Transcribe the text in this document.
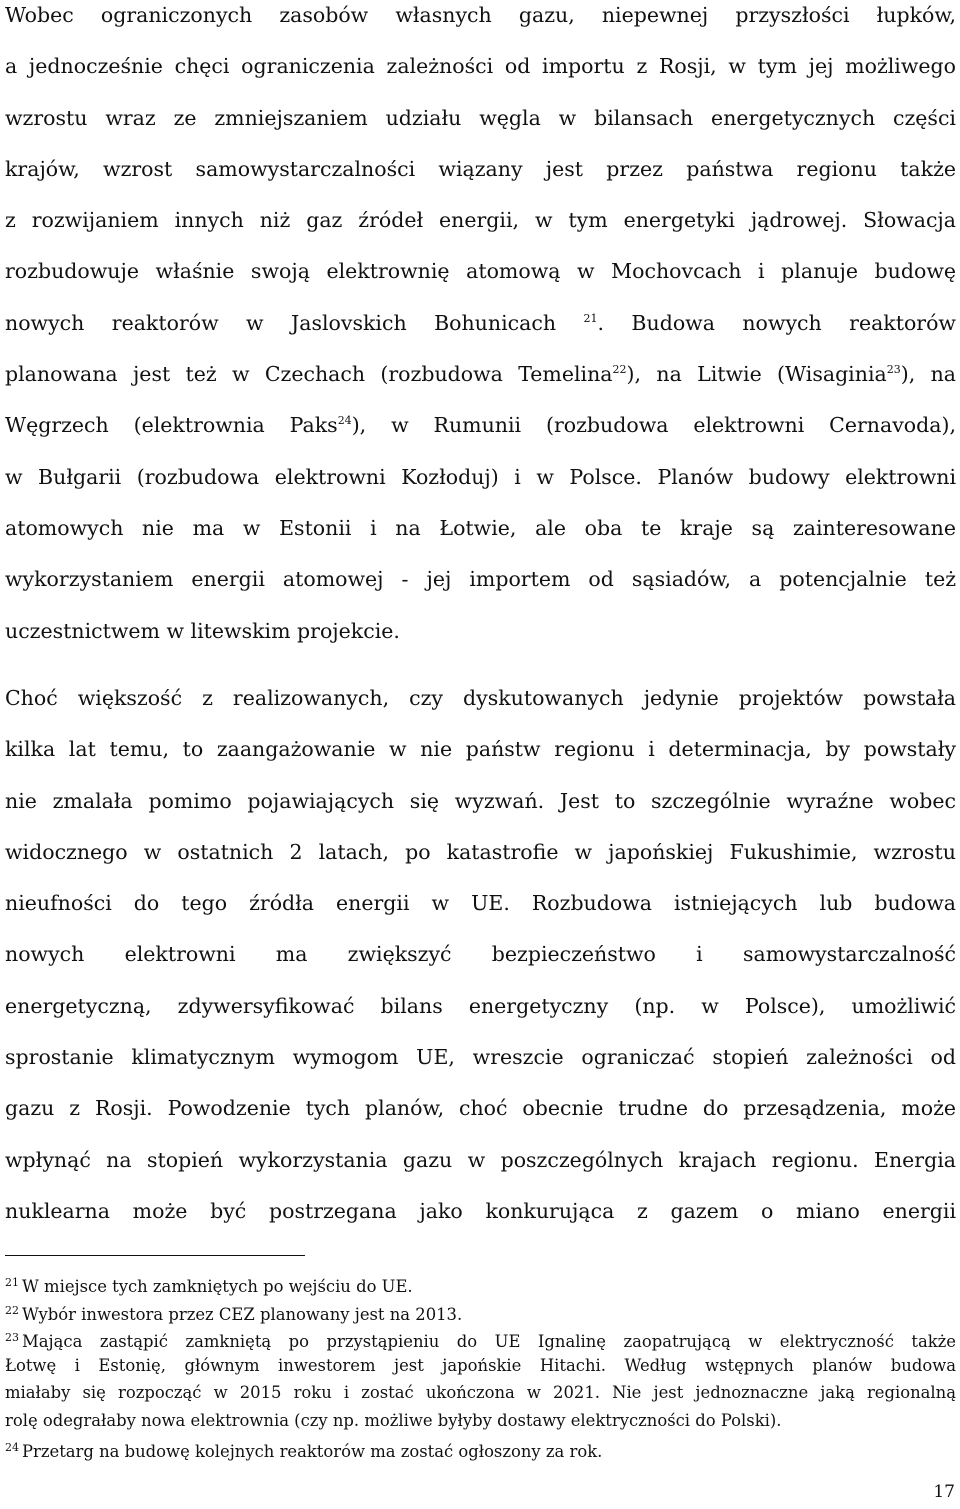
Wobec ograniczonych zasobów własnych gazu, niepewnej przyszłości łupków,
a jednocześnie chęci ograniczenia zależności od importu z Rosji, w tym jej możliwego
wzrostu wraz ze zmniejszaniem udziału węgla w bilansach energetycznych części
krajów, wzrost samowystarczalności wiązany jest przez państwa regionu także
z rozwijaniem innych niż gaz źródeł energii, w tym energetyki jądrowej. Słowacja
rozbudowuje właśnie swoją elektrownię atomową w Mochovcach i planuje budowę
nowych reaktorów w Jaslovskich Bohunicach $^{21}$. Budowa nowych reaktorów
planowana jest też w Czechach (rozbudowa Temelina$^{22}$), na Litwie (Wisaginia$^{23}$), na
Węgrzech (elektrownia Paks$^{24}$), w Rumunii (rozbudowa elektrowni Cernavoda),
w Bułgarii (rozbudowa elektrowni Kozłoduj) i w Polsce. Planów budowy elektrowni
atomowych nie ma w Estonii i na Łotwie, ale oba te kraje są zainteresowane
wykorzystaniem energii atomowej - jej importem od sąsiadów, a potencjalnie też
uczestnictwem w litewskim projekcie.
Choć większość z realizowanych, czy dyskutowanych jedynie projektów powstała
kilka lat temu, to zaangażowanie w nie państw regionu i determinacja, by powstały
nie zmalała pomimo pojawiających się wyzwań. Jest to szczególnie wyraźne wobec
widocznego w ostatnich 2 latach, po katastrofie w japońskiej Fukushimie, wzrostu
nieufności do tego źródła energii w UE. Rozbudowa istniejących lub budowa
nowych elektrowni ma zwiększyć bezpieczeństwo i samowystarczalność
energetyczną, zdywersyfikować bilans energetyczny (np. w Polsce), umożliwić
sprostanie klimatycznym wymogom UE, wreszcie ograniczać stopień zależności od
gazu z Rosji. Powodzenie tych planów, choć obecnie trudne do przesądzenia, może
wpłynąć na stopień wykorzystania gazu w poszczególnych krajach regionu. Energia
nuklearna może być postrzegana jako konkurująca z gazem o miano energii
$^{21}$ W miejsce tych zamkniętych po wejściu do UE.
$^{22}$ Wybór inwestora przez CEZ planowany jest na 2013.
$^{23}$ Mająca zastąpić zamkniętą po przystąpieniu do UE Ignalinę zaopatrującą w elektryczność także
Łotwę i Estonię, głównym inwestorem jest japońskie Hitachi. Według wstępnych planów budowa
miałaby się rozpocząć w 2015 roku i zostać ukończona w 2021. Nie jest jednoznaczne jaką regionalną
rolę odegrałaby nowa elektrownia (czy np. możliwe byłyby dostawy elektryczności do Polski).
$^{24}$ Przetarg na budowę kolejnych reaktorów ma zostać ogłoszony za rok.
17
